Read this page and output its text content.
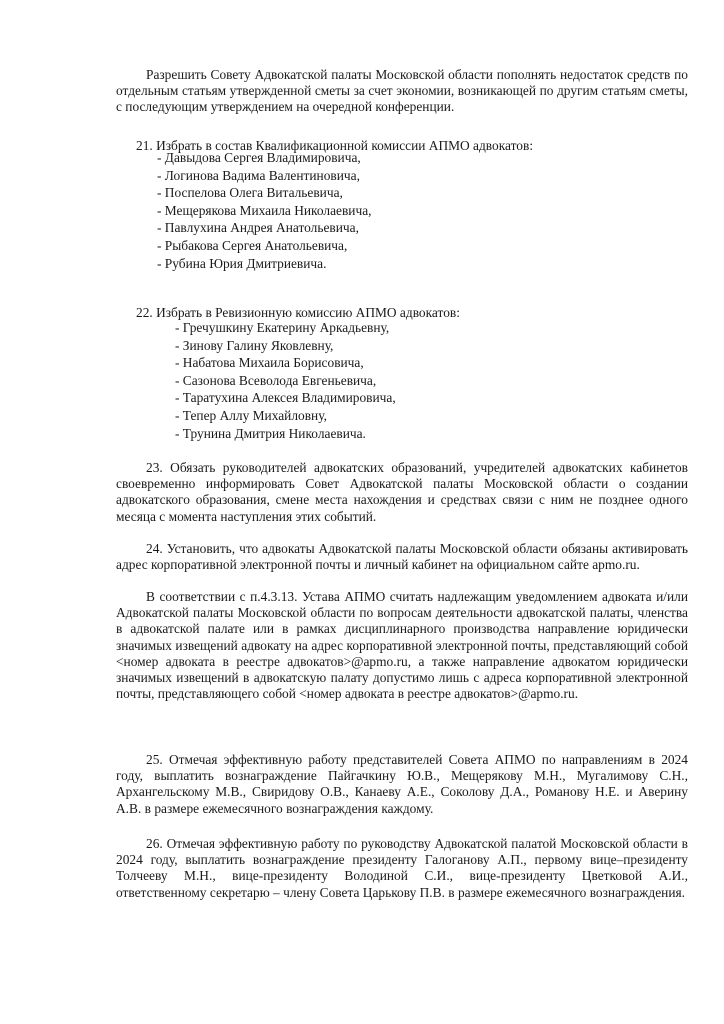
Разрешить Совету Адвокатской палаты Московской области пополнять недостаток средств по отдельным статьям утвержденной сметы за счет экономии, возникающей по другим статьям сметы, с последующим утверждением на очередной конференции.

21. Избрать в состав Квалификационной комиссии АПМО адвокатов:

- Давыдова Сергея Владимировича,
- Логинова Вадима Валентиновича,
- Поспелова Олега Витальевича,
- Мещерякова Михаила Николаевича,
- Павлухина Андрея Анатольевича,
- Рыбакова Сергея Анатольевича,
- Рубина Юрия Дмитриевича.

22. Избрать в Ревизионную комиссию АПМО адвокатов:

- Гречушкину Екатерину Аркадьевну,
- Зинову Галину Яковлевну,
- Набатова Михаила Борисовича,
- Сазонова Всеволода Евгеньевича,
- Таратухина Алексея Владимировича,
- Тепер Аллу Михайловну,
- Трунина Дмитрия Николаевича.

23. Обязать руководителей адвокатских образований, учредителей адвокатских кабинетов своевременно информировать Совет Адвокатской палаты Московской области о создании адвокатского образования, смене места нахождения и средствах связи с ним не позднее одного месяца с момента наступления этих событий.

24. Установить, что адвокаты Адвокатской палаты Московской области обязаны активировать адрес корпоративной электронной почты и личный кабинет на официальном сайте apmo.ru.

В соответствии с п.4.3.13. Устава АПМО считать надлежащим уведомлением адвоката и/или Адвокатской палаты Московской области по вопросам деятельности адвокатской палаты, членства в адвокатской палате или в рамках дисциплинарного производства направление юридически значимых извещений адвокату на адрес корпоративной электронной почты, представляющий собой <номер адвоката в реестре адвокатов>@apmo.ru, а также направление адвокатом юридически значимых извещений в адвокатскую палату допустимо лишь с адреса корпоративной электронной почты, представляющего собой <номер адвоката в реестре адвокатов>@apmo.ru.

25. Отмечая эффективную работу представителей Совета АПМО по направлениям в 2024 году, выплатить вознаграждение Пайгачкину Ю.В., Мещерякову М.Н., Мугалимову С.Н., Архангельскому М.В., Свиридову О.В., Канаеву А.Е., Соколову Д.А., Романову Н.Е. и Аверину А.В. в размере ежемесячного вознаграждения каждому.

26. Отмечая эффективную работу по руководству Адвокатской палатой Московской области в 2024 году, выплатить вознаграждение президенту Галоганову А.П., первому вице–президенту Толчееву М.Н., вице-президенту Володиной С.И., вице-президенту Цветковой А.И., ответственному секретарю – члену Совета Царькову П.В. в размере ежемесячного вознаграждения.
